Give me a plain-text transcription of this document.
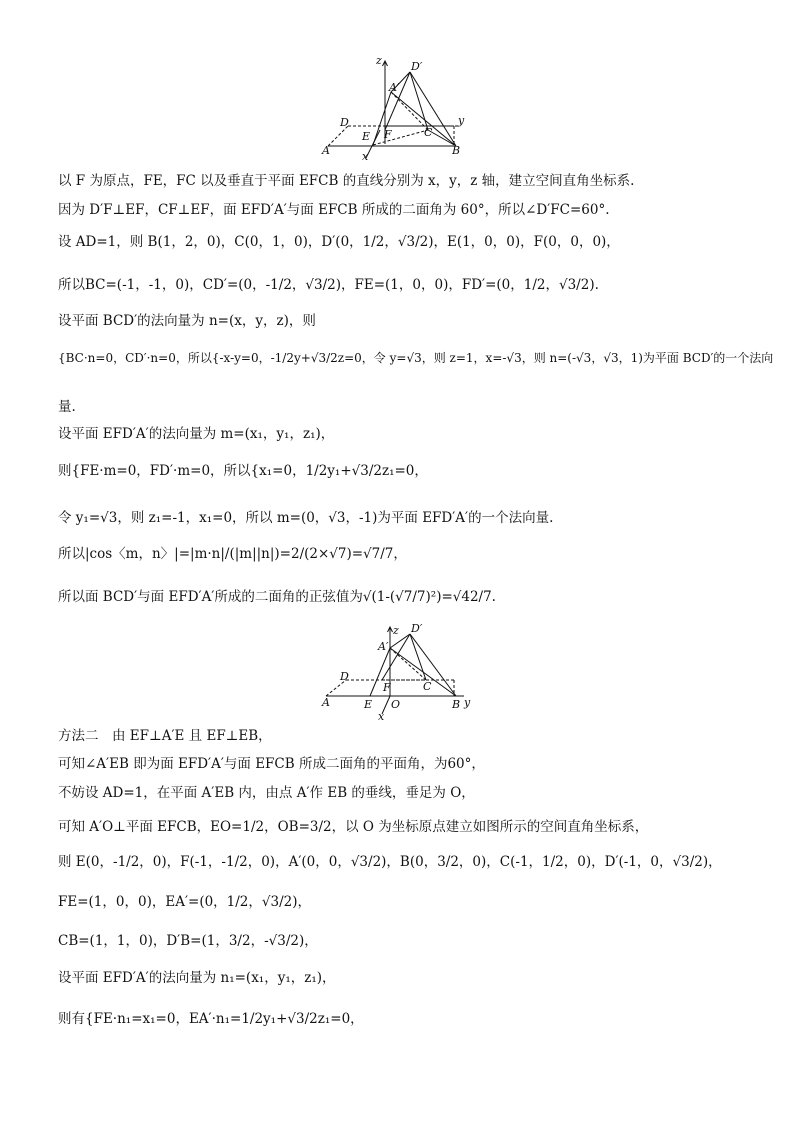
z
y
x
D′
A′
D
E F	C
A	B
以 F 为原点，FE，FC 以及垂直于平面 EFCB 的直线分别为 x，y，z 轴，建立空间直角坐标系.
因为 D′F⊥EF，CF⊥EF，面 EFD′A′与面 EFCB 所成的二面角为 60°，所以∠D′FC=60°.
设 AD=1，则 B(1，2，0)，C(0，1，0)，D′(0，1/2，√3/2)，E(1，0，0)，F(0，0，0)，
所以BC=(-1，-1，0)，CD′=(0，-1/2，√3/2)，FE=(1，0，0)，FD′=(0，1/2，√3/2).
设平面 BCD′的法向量为 n=(x，y，z)，则
{BC·n=0，CD′·n=0，所以{-x-y=0，-1/2y+√3/2z=0，令 y=√3，则 z=1，x=-√3，则 n=(-√3，√3，1)为平面 BCD′的一个法向
量.
设平面 EFD′A′的法向量为 m=(x₁，y₁，z₁)，
则{FE·m=0，FD′·m=0，所以{x₁=0，1/2y₁+√3/2z₁=0，
令 y₁=√3，则 z₁=-1，x₁=0，所以 m=(0，√3，-1)为平面 EFD′A′的一个法向量.
所以|cos〈m，n〉|=|m·n|/(|m||n|)=2/(2×√7)=√7/7，
所以面 BCD′与面 EFD′A′所成的二面角的正弦值为√(1-(√7/7)²)=√42/7.
z
y
x
D′
A′
D
F	C
A	E O	B
方法二　由 EF⊥A′E 且 EF⊥EB，
可知∠A′EB 即为面 EFD′A′与面 EFCB 所成二面角的平面角，为60°，
不妨设 AD=1，在平面 A′EB 内，由点 A′作 EB 的垂线，垂足为 O，
可知 A′O⊥平面 EFCB，EO=1/2，OB=3/2，以 O 为坐标原点建立如图所示的空间直角坐标系，
则 E(0，-1/2，0)，F(-1，-1/2，0)，A′(0，0，√3/2)，B(0，3/2，0)，C(-1，1/2，0)，D′(-1，0，√3/2)，
FE=(1，0，0)，EA′=(0，1/2，√3/2)，
CB=(1，1，0)，D′B=(1，3/2，-√3/2)，
设平面 EFD′A′的法向量为 n₁=(x₁，y₁，z₁)，
则有{FE·n₁=x₁=0，EA′·n₁=1/2y₁+√3/2z₁=0，
